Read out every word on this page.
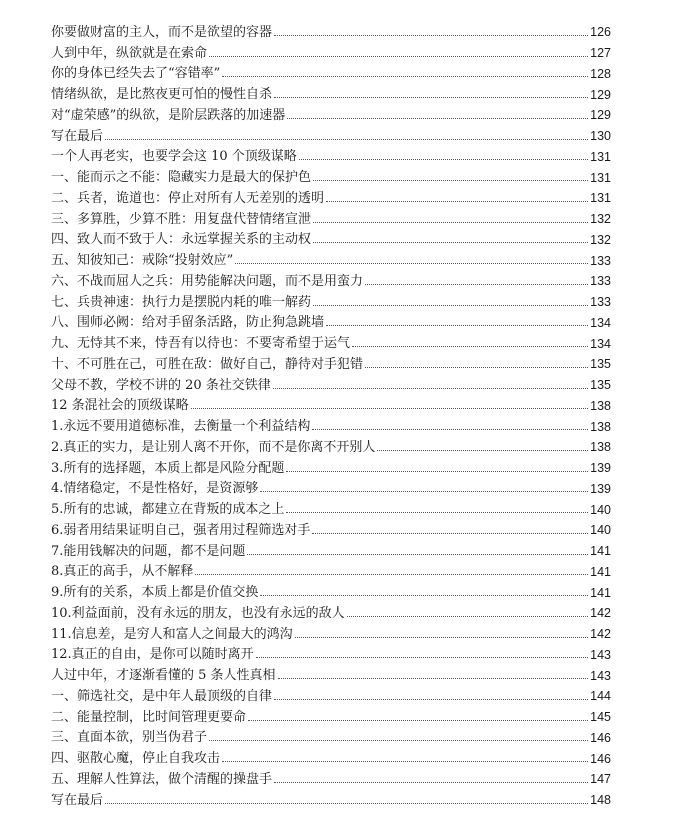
你要做财富的主人，而不是欲望的容器	126
人到中年，纵欲就是在索命	127
你的身体已经失去了“容错率”	128
情绪纵欲，是比熬夜更可怕的慢性自杀	129
对“虚荣感”的纵欲，是阶层跌落的加速器	129
写在最后	130
一个人再老实，也要学会这 10 个顶级谋略	131
一、能而示之不能：隐藏实力是最大的保护色	131
二、兵者，诡道也：停止对所有人无差别的透明	131
三、多算胜，少算不胜：用复盘代替情绪宣泄	132
四、致人而不致于人：永远掌握关系的主动权	132
五、知彼知己：戒除“投射效应”	133
六、不战而屈人之兵：用势能解决问题，而不是用蛮力	133
七、兵贵神速：执行力是摆脱内耗的唯一解药	133
八、围师必阙：给对手留条活路，防止狗急跳墙	134
九、无恃其不来，恃吾有以待也：不要寄希望于运气	134
十、不可胜在己，可胜在敌：做好自己，静待对手犯错	135
父母不教，学校不讲的 20 条社交铁律	135
12 条混社会的顶级谋略	138
1.永远不要用道德标准，去衡量一个利益结构	138
2.真正的实力，是让别人离不开你，而不是你离不开别人	138
3.所有的选择题，本质上都是风险分配题	139
4.情绪稳定，不是性格好，是资源够	139
5.所有的忠诚，都建立在背叛的成本之上	140
6.弱者用结果证明自己，强者用过程筛选对手	140
7.能用钱解决的问题，都不是问题	141
8.真正的高手，从不解释	141
9.所有的关系，本质上都是价值交换	141
10.利益面前，没有永远的朋友，也没有永远的敌人	142
11.信息差，是穷人和富人之间最大的鸿沟	142
12.真正的自由，是你可以随时离开	143
人过中年，才逐渐看懂的 5 条人性真相	143
一、筛选社交，是中年人最顶级的自律	144
二、能量控制，比时间管理更要命	145
三、直面本欲，别当伪君子	146
四、驱散心魔，停止自我攻击	146
五、理解人性算法，做个清醒的操盘手	147
写在最后	148
